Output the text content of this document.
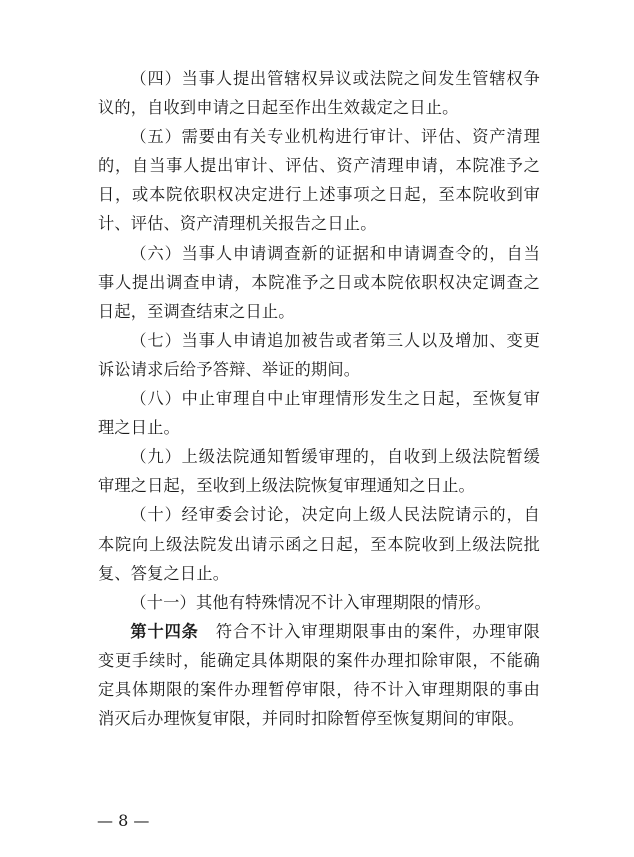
（四）当事人提出管辖权异议或法院之间发生管辖权争议的，自收到申请之日起至作出生效裁定之日止。

（五）需要由有关专业机构进行审计、评估、资产清理的，自当事人提出审计、评估、资产清理申请，本院准予之日，或本院依职权决定进行上述事项之日起，至本院收到审计、评估、资产清理机关报告之日止。

（六）当事人申请调查新的证据和申请调查令的，自当事人提出调查申请，本院准予之日或本院依职权决定调查之日起，至调查结束之日止。

（七）当事人申请追加被告或者第三人以及增加、变更诉讼请求后给予答辩、举证的期间。

（八）中止审理自中止审理情形发生之日起，至恢复审理之日止。

（九）上级法院通知暂缓审理的，自收到上级法院暂缓审理之日起，至收到上级法院恢复审理通知之日止。

（十）经审委会讨论，决定向上级人民法院请示的，自本院向上级法院发出请示函之日起，至本院收到上级法院批复、答复之日止。

（十一）其他有特殊情况不计入审理期限的情形。

第十四条　 符合不计入审理期限事由的案件，办理审限变更手续时，能确定具体期限的案件办理扣除审限，不能确定具体期限的案件办理暂停审限，待不计入审理期限的事由消灭后办理恢复审限，并同时扣除暂停至恢复期间的审限。

— 8 —
